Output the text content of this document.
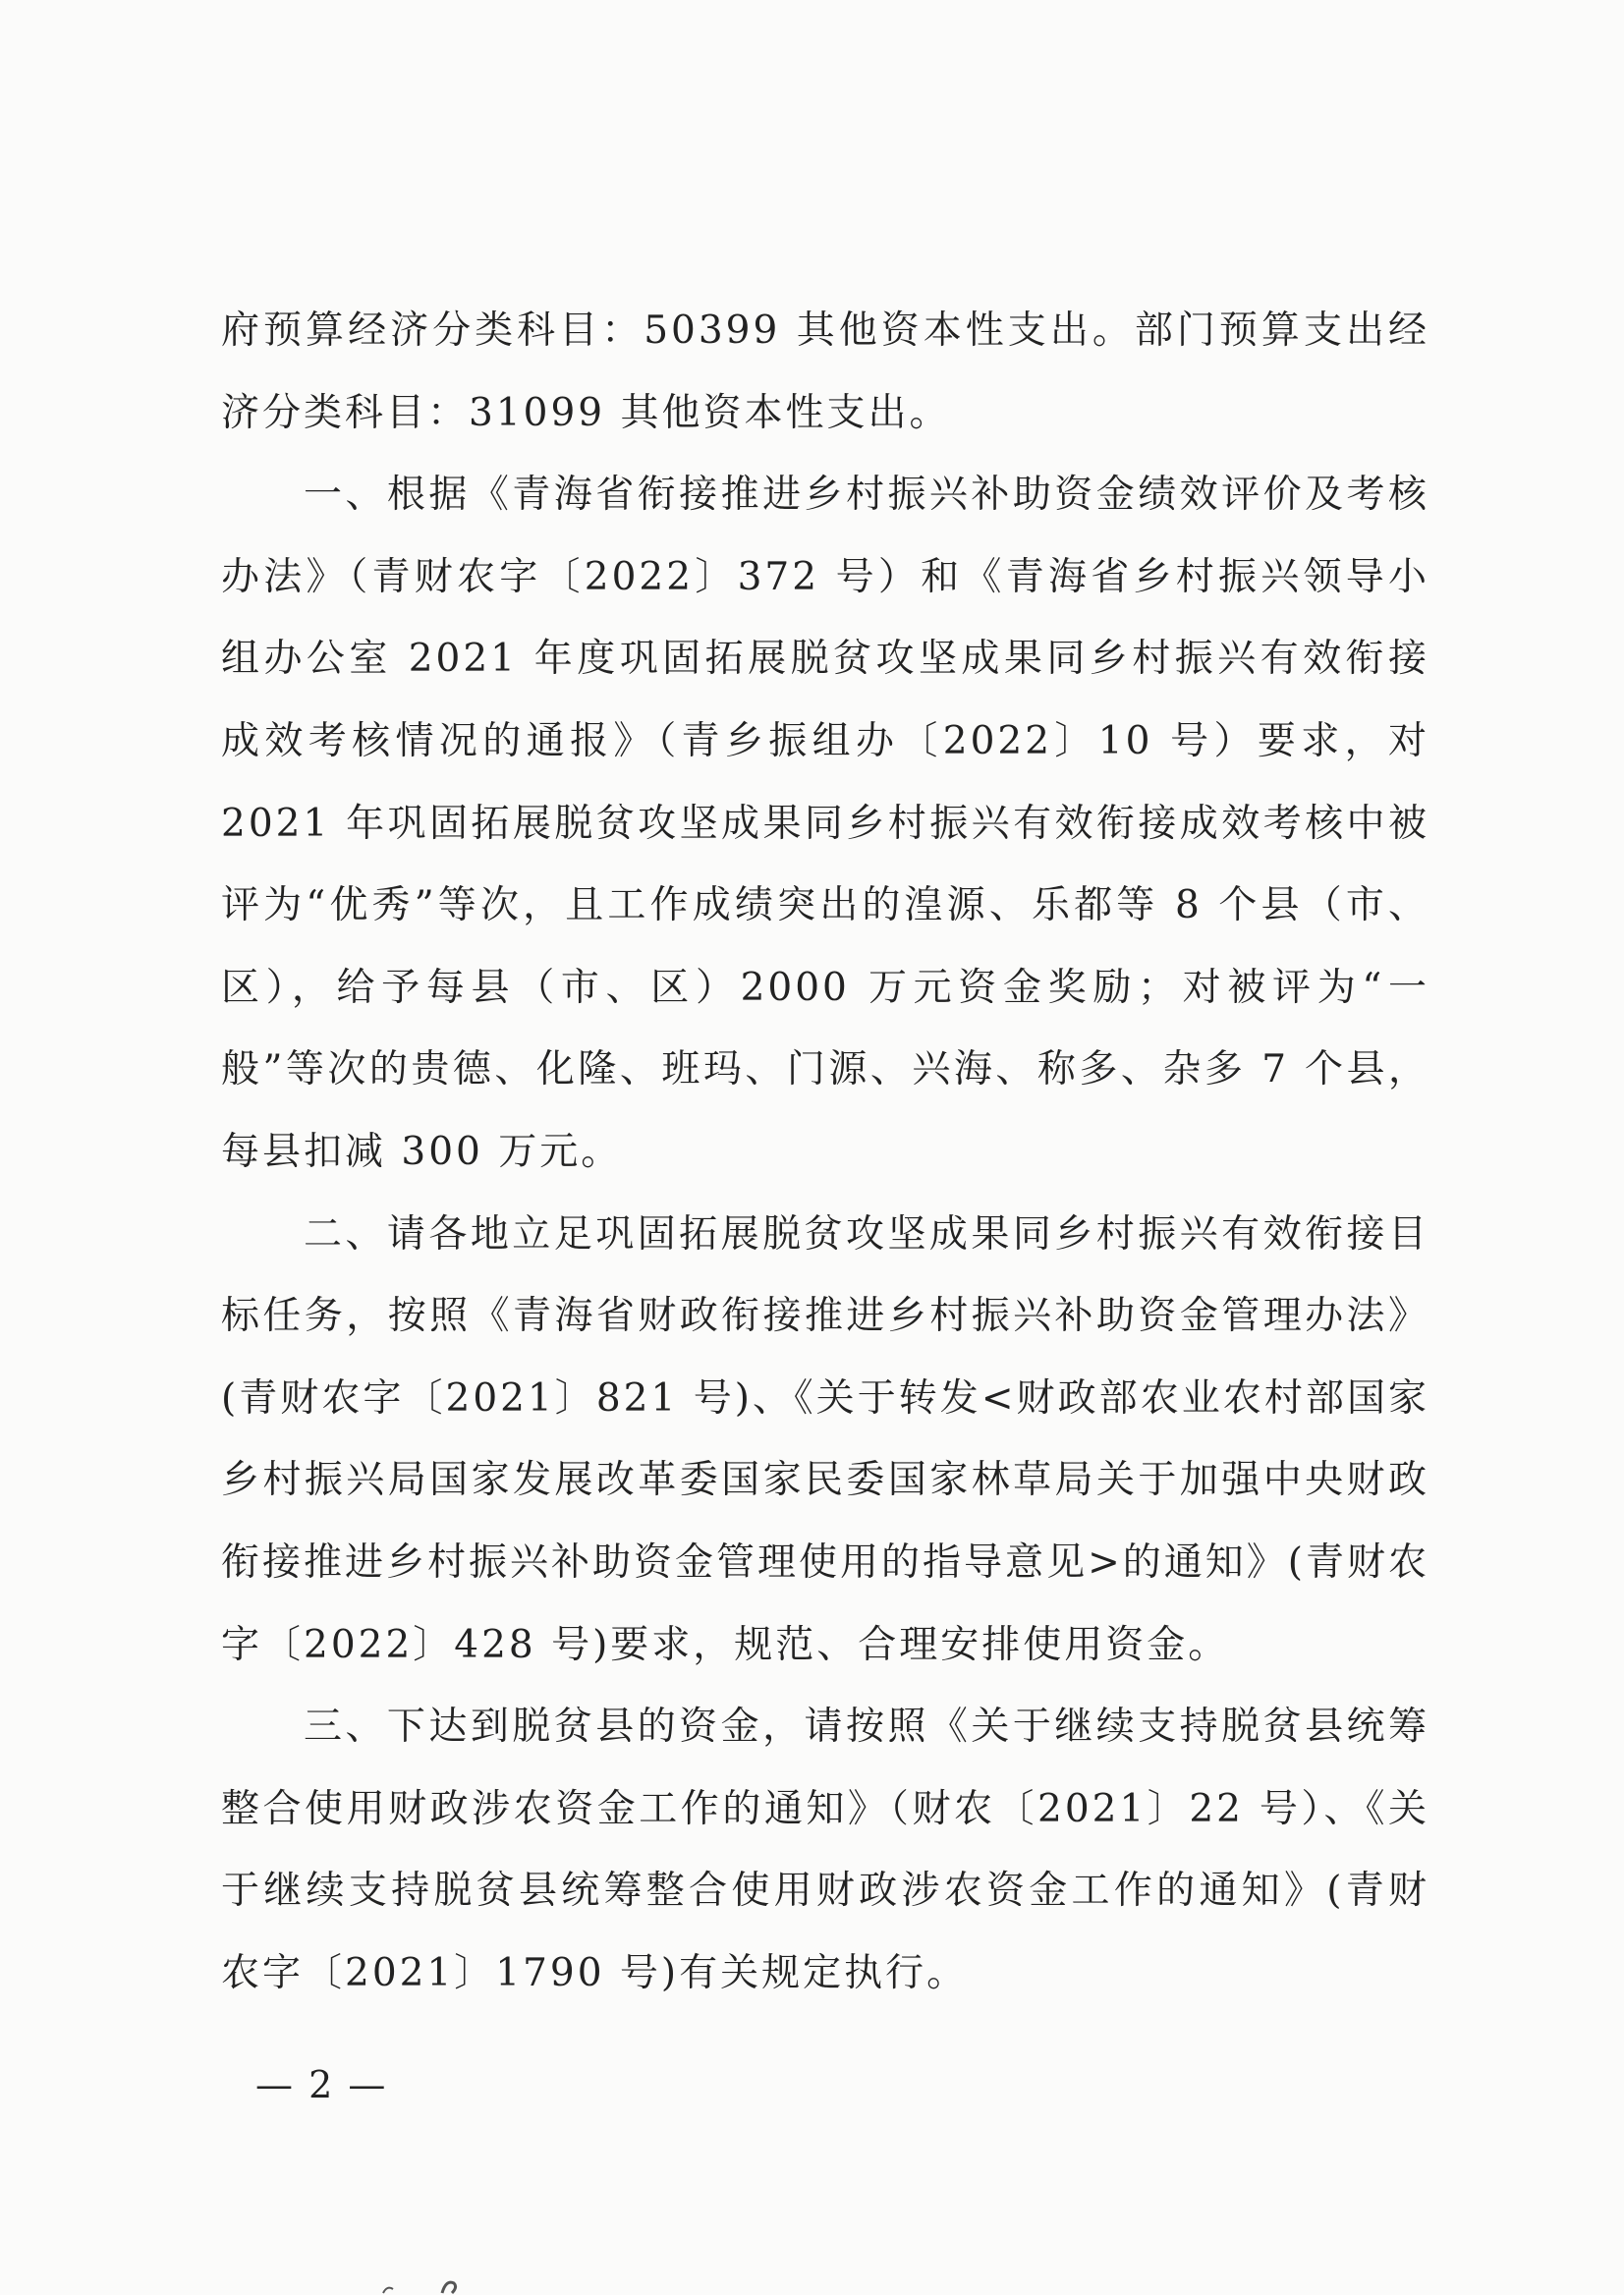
府预算经济分类科目：50399 其他资本性支出。部门预算支出经济分类科目：31099 其他资本性支出。

一、根据《青海省衔接推进乡村振兴补助资金绩效评价及考核办法》（青财农字〔2022〕372 号）和《青海省乡村振兴领导小组办公室 2021 年度巩固拓展脱贫攻坚成果同乡村振兴有效衔接成效考核情况的通报》（青乡振组办〔2022〕10 号）要求，对 2021 年巩固拓展脱贫攻坚成果同乡村振兴有效衔接成效考核中被评为“优秀”等次，且工作成绩突出的湟源、乐都等 8 个县（市、区），给予每县（市、区）2000 万元资金奖励；对被评为“一般”等次的贵德、化隆、班玛、门源、兴海、称多、杂多 7 个县，每县扣减 300 万元。

二、请各地立足巩固拓展脱贫攻坚成果同乡村振兴有效衔接目标任务，按照《青海省财政衔接推进乡村振兴补助资金管理办法》(青财农字〔2021〕821 号)、《关于转发<财政部农业农村部国家乡村振兴局国家发展改革委国家民委国家林草局关于加强中央财政衔接推进乡村振兴补助资金管理使用的指导意见>的通知》(青财农字〔2022〕428 号)要求，规范、合理安排使用资金。

三、下达到脱贫县的资金，请按照《关于继续支持脱贫县统筹整合使用财政涉农资金工作的通知》（财农〔2021〕22 号）、《关于继续支持脱贫县统筹整合使用财政涉农资金工作的通知》(青财农字〔2021〕1790 号)有关规定执行。

— 2 —
